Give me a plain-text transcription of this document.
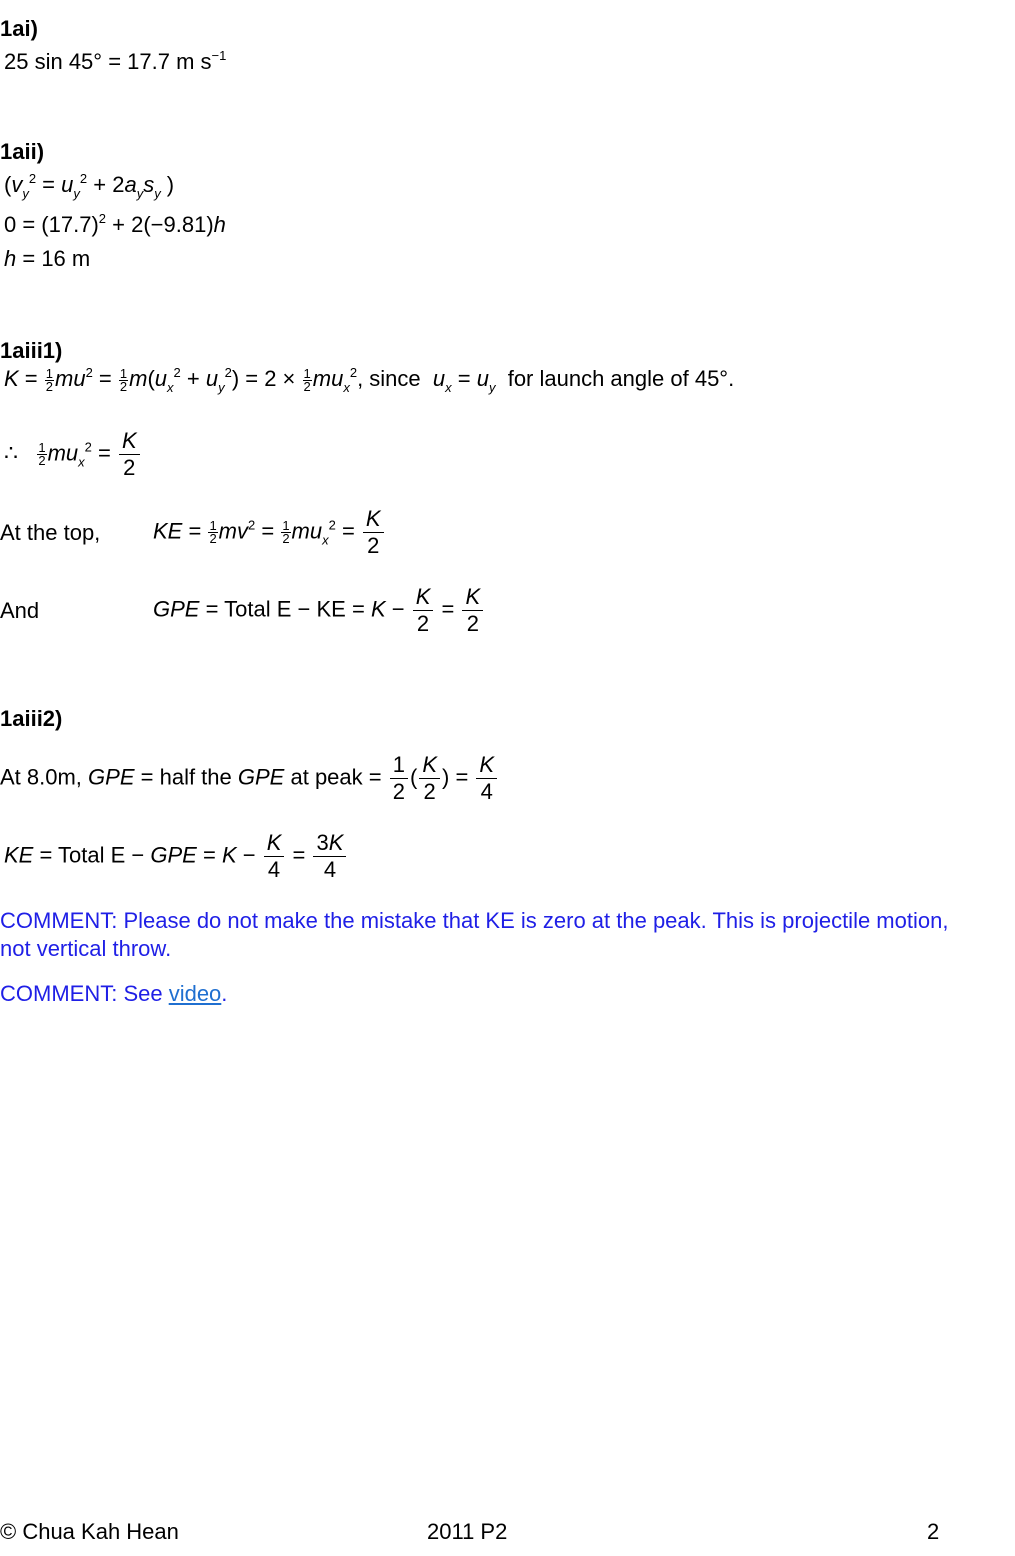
1ai)
25 sin 45° = 17.7 m $s^{-1}$
1aii)
($v_y^2 = u_y^2 + 2a_ys_y$ )
$0 = (17.7)^2 + 2(-9.81)h$
h = 16 m
1aiii1)
$K = \frac{1}{2} mu^2 = \frac{1}{2} m(u_x^2 + u_y^2) = 2 \times \frac{1}{2} mu_x^2$, since $u_x = u_y$ for launch angle of 45°.
∴ $\frac{1}{2} mu_x^2 = \frac{K}{2}$
At the top, KE = $\frac{1}{2} mv^2 = \frac{1}{2} mu_x^2 = \frac{K}{2}$
And	GPE = Total E − KE = $K - \frac{K}{2} = \frac{K}{2}$
1aiii2)
At 8.0m, GPE = half the GPE at peak = $\frac{1}{2}$ ( $\frac{K}{2}$ ) = $\frac{K}{4}$
KE = Total E − GPE = $K - \frac{K}{4} = \frac{3K}{4}$
COMMENT: Please do not make the mistake that KE is zero at the peak. This is projectile motion,
not vertical throw.
COMMENT: See video.
© Chua Kah Hean	2011 P2	2
